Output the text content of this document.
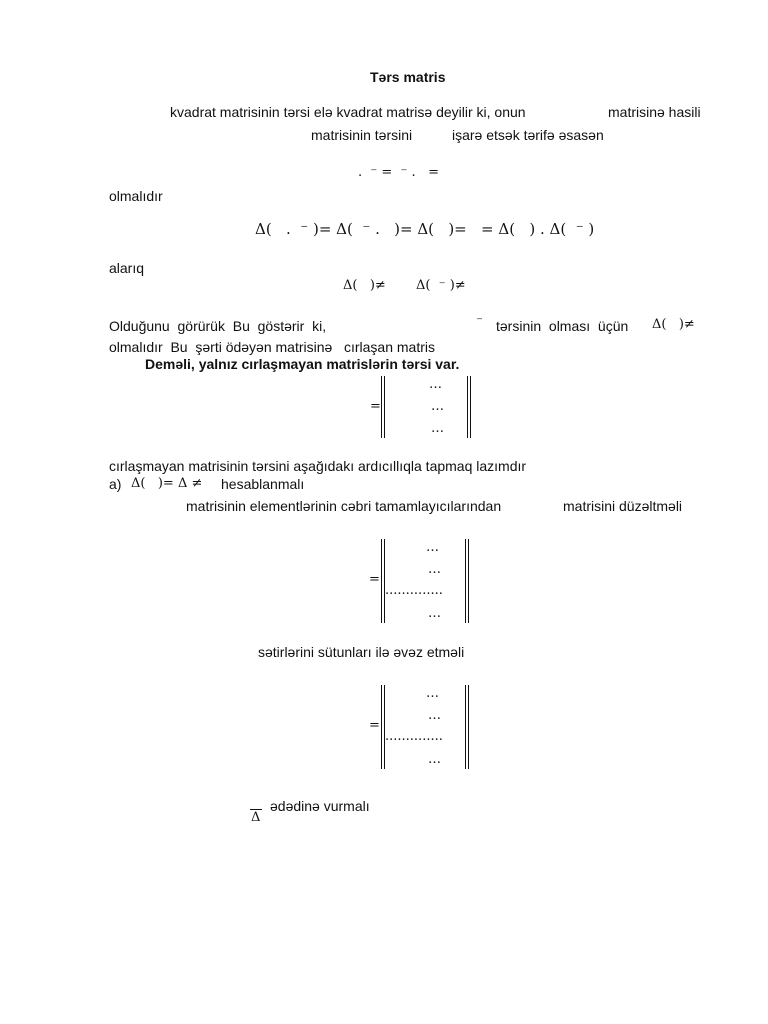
Tərs matris
kvadrat matrisinin tərsi elə kvadrat matrisə deyilir ki, onun	matrisinə hasili
matrisinin tərsini	işarə etsək tərifə əsasən
.  ⁻ =  ⁻ .   =
olmalıdır
Δ(   .  ⁻ )= Δ(  ⁻ .   )= Δ(   )=   = Δ(   ) . Δ(  ⁻ )
alarıq
Δ(   )≠ Δ(  ⁻ )≠
Olduğunu  görürük  Bu  göstərir  ki,	⁻ tərsinin  olması  üçün Δ(   )≠
olmalıdır  Bu  şərti ödəyən matrisinə   cırlaşan matris
Deməli, yalnız cırlaşmayan matrislərin tərsi var.
=
…
…
…
cırlaşmayan matrisinin tərsini aşağıdakı ardıcıllıqla tapmaq lazımdır
a) Δ(   )= Δ ≠ hesablanmalı
matrisinin elementlərinin cəbri tamamlayıcılarından	matrisini düzəltməli
=
…
…
..............
…
sətirlərini sütunları ilə əvəz etməli
=
…
…
..............
…
Δ
ədədinə vurmalı
